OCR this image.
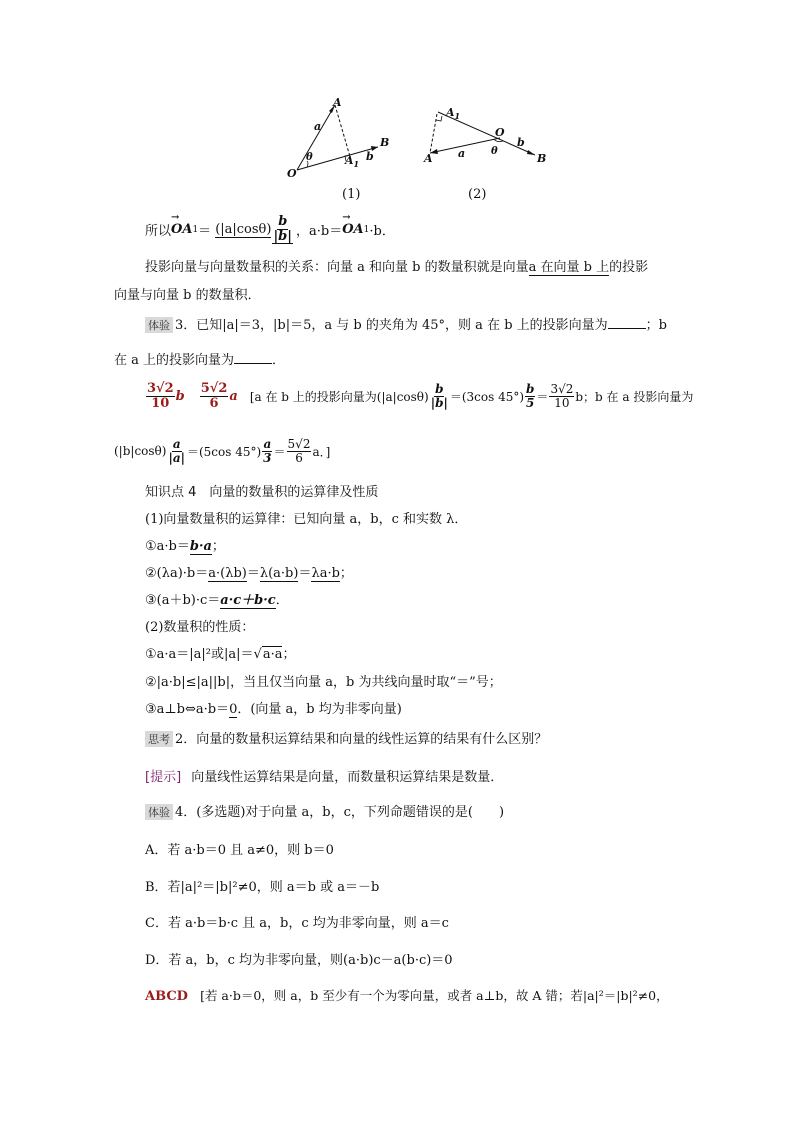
A
a
B
b
O
θ	$A_1$
(1)
$A_1$
O
b
B
A a	θ
(2)
所以 → OA $1 = (|a|\cos\theta) \frac{b}{|b|}$ ，a·b＝ → OA 1 ·b．
投影向量与向量数量积的关系：向量 a 和向量 b 的数量积就是向量a 在向量 b 上的投影
向量与向量 b 的数量积．
体验 3．已知|a|＝3，|b|＝5，a 与 b 的夹角为 45°，则 a 在 b 上的投影向量为	；b
在 a 上的投影向量为	．
$\frac{3√2}{10}$ b $\frac{5√2}{6}$ a [a 在 b 上的投影向量为$(|a|\cos\theta) \frac{b}{|b|} =(3\cos$ $45^\circ) \frac{b}{5} = \frac{3√2}{10}$ b；b 在 a 投影向量为
$(|b|\cos\theta) \frac{a}{|a|} =(5\cos$ $45^\circ) \frac{a}{3} = \frac{5√2}{6}$ a．]
知识点 4　向量的数量积的运算律及性质
(1)向量数量积的运算律：已知向量 a，b，c 和实数 λ．
①a·b＝b·a；
②(λa)·b＝a·(λb)＝λ(a·b)＝λa·b；
③(a＋b)·c＝a·c＋b·c．
(2)数量积的性质：
①a·a＝|a|²或|a|＝√a·a；
②|a·b|≤|a||b|，当且仅当向量 a，b 为共线向量时取“＝”号；
③a⊥b⇔a·b＝0．(向量 a，b 均为非零向量)
思考 2．向量的数量积运算结果和向量的线性运算的结果有什么区别？
[提示] 向量线性运算结果是向量，而数量积运算结果是数量．
体验 4．(多选题)对于向量 a，b，c，下列命题错误的是(　　)
A．若 a·b＝0 且 a≠0，则 b＝0
B．若|a|²＝|b|²≠0，则 a＝b 或 a＝－b
C．若 a·b＝b·c 且 a，b，c 均为非零向量，则 a＝c
D．若 a，b，c 均为非零向量，则(a·b)c－a(b·c)＝0
ABCD [若 a·b＝0，则 a，b 至少有一个为零向量，或者 a⊥b，故 A 错；若|a|²＝|b|²≠0，
